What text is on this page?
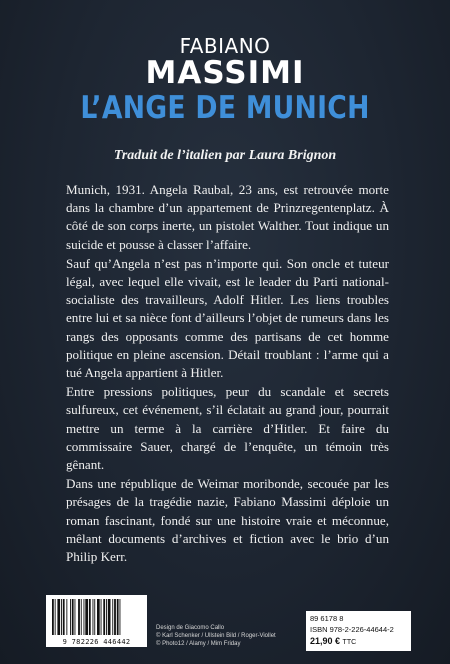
FABIANO
MASSIMI
L’ANGE DE MUNICH
Traduit de l’italien par Laura Brignon

Munich, 1931. Angela Raubal, 23 ans, est retrouvée morte dans la chambre d’un appartement de Prinzregentenplatz. À côté de son corps inerte, un pistolet Walther. Tout indique un suicide et pousse à classer l’affaire.

Sauf qu’Angela n’est pas n’importe qui. Son oncle et tuteur légal, avec lequel elle vivait, est le leader du Parti national-socialiste des travailleurs, Adolf Hitler. Les liens troubles entre lui et sa nièce font d’ailleurs l’objet de rumeurs dans les rangs des opposants comme des partisans de cet homme politique en pleine ascension. Détail troublant : l’arme qui a tué Angela appartient à Hitler.

Entre pressions politiques, peur du scandale et secrets sulfureux, cet événement, s’il éclatait au grand jour, pourrait mettre un terme à la carrière d’Hitler. Et faire du commissaire Sauer, chargé de l’enquête, un témoin très gênant.

Dans une république de Weimar moribonde, secouée par les présages de la tragédie nazie, Fabiano Massimi déploie un roman fascinant, fondé sur une histoire vraie et méconnue, mêlant documents d’archives et fiction avec le brio d’un Philip Kerr.

9 782226 446442
Design de Giacomo Callo
© Karl Schenker / Ullstein Bild / Roger-Viollet
© Photo12 / Alamy / Mim Friday
89 6178 8
ISBN 978-2-226-44644-2
21,90 € TTC
